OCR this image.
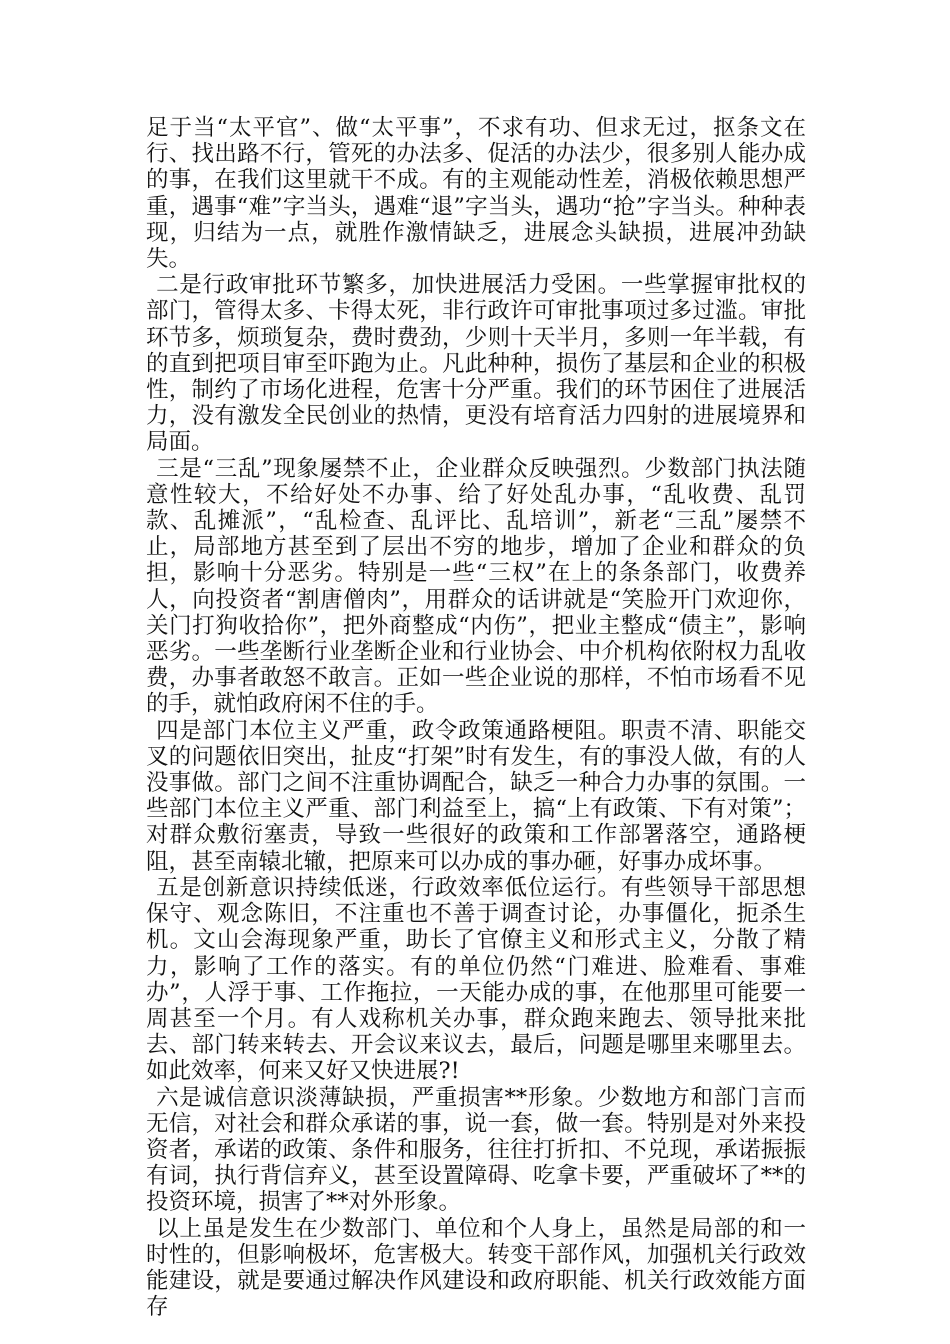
足于当“太平官”、做“太平事”，不求有功、但求无过，抠条文在行、找出路不行，管死的办法多、促活的办法少，很多别人能办成的事，在我们这里就干不成。有的主观能动性差，消极依赖思想严重，遇事“难”字当头，遇难“退”字当头，遇功“抢”字当头。种种表现，归结为一点，就胜作激情缺乏，进展念头缺损，进展冲劲缺失。

二是行政审批环节繁多，加快进展活力受困。一些掌握审批权的部门，管得太多、卡得太死，非行政许可审批事项过多过滥。审批环节多，烦琐复杂，费时费劲，少则十天半月，多则一年半载，有的直到把项目审至吓跑为止。凡此种种，损伤了基层和企业的积极性，制约了市场化进程，危害十分严重。我们的环节困住了进展活力，没有激发全民创业的热情，更没有培育活力四射的进展境界和局面。

三是“三乱”现象屡禁不止，企业群众反映强烈。少数部门执法随意性较大，不给好处不办事、给了好处乱办事，“乱收费、乱罚款、乱摊派”，“乱检查、乱评比、乱培训”，新老“三乱”屡禁不止，局部地方甚至到了层出不穷的地步，增加了企业和群众的负担，影响十分恶劣。特别是一些“三权”在上的条条部门，收费养人，向投资者“割唐僧肉”，用群众的话讲就是“笑脸开门欢迎你，关门打狗收拾你”，把外商整成“内伤”，把业主整成“债主”，影响恶劣。一些垄断行业垄断企业和行业协会、中介机构依附权力乱收费，办事者敢怒不敢言。正如一些企业说的那样，不怕市场看不见的手，就怕政府闲不住的手。

四是部门本位主义严重，政令政策通路梗阻。职责不清、职能交叉的问题依旧突出，扯皮“打架”时有发生，有的事没人做，有的人没事做。部门之间不注重协调配合，缺乏一种合力办事的氛围。一些部门本位主义严重、部门利益至上，搞“上有政策、下有对策”；对群众敷衍塞责，导致一些很好的政策和工作部署落空，通路梗阻，甚至南辕北辙，把原来可以办成的事办砸，好事办成坏事。

五是创新意识持续低迷，行政效率低位运行。有些领导干部思想保守、观念陈旧，不注重也不善于调查讨论，办事僵化，扼杀生机。文山会海现象严重，助长了官僚主义和形式主义，分散了精力，影响了工作的落实。有的单位仍然“门难进、脸难看、事难办”，人浮于事、工作拖拉，一天能办成的事，在他那里可能要一周甚至一个月。有人戏称机关办事，群众跑来跑去、领导批来批去、部门转来转去、开会议来议去，最后，问题是哪里来哪里去。如此效率，何来又好又快进展?!

六是诚信意识淡薄缺损，严重损害**形象。少数地方和部门言而无信，对社会和群众承诺的事，说一套，做一套。特别是对外来投资者，承诺的政策、条件和服务，往往打折扣、不兑现，承诺振振有词，执行背信弃义，甚至设置障碍、吃拿卡要，严重破坏了**的投资环境，损害了**对外形象。

以上虽是发生在少数部门、单位和个人身上，虽然是局部的和一时性的，但影响极坏，危害极大。转变干部作风，加强机关行政效能建设，就是要通过解决作风建设和政府职能、机关行政效能方面存
